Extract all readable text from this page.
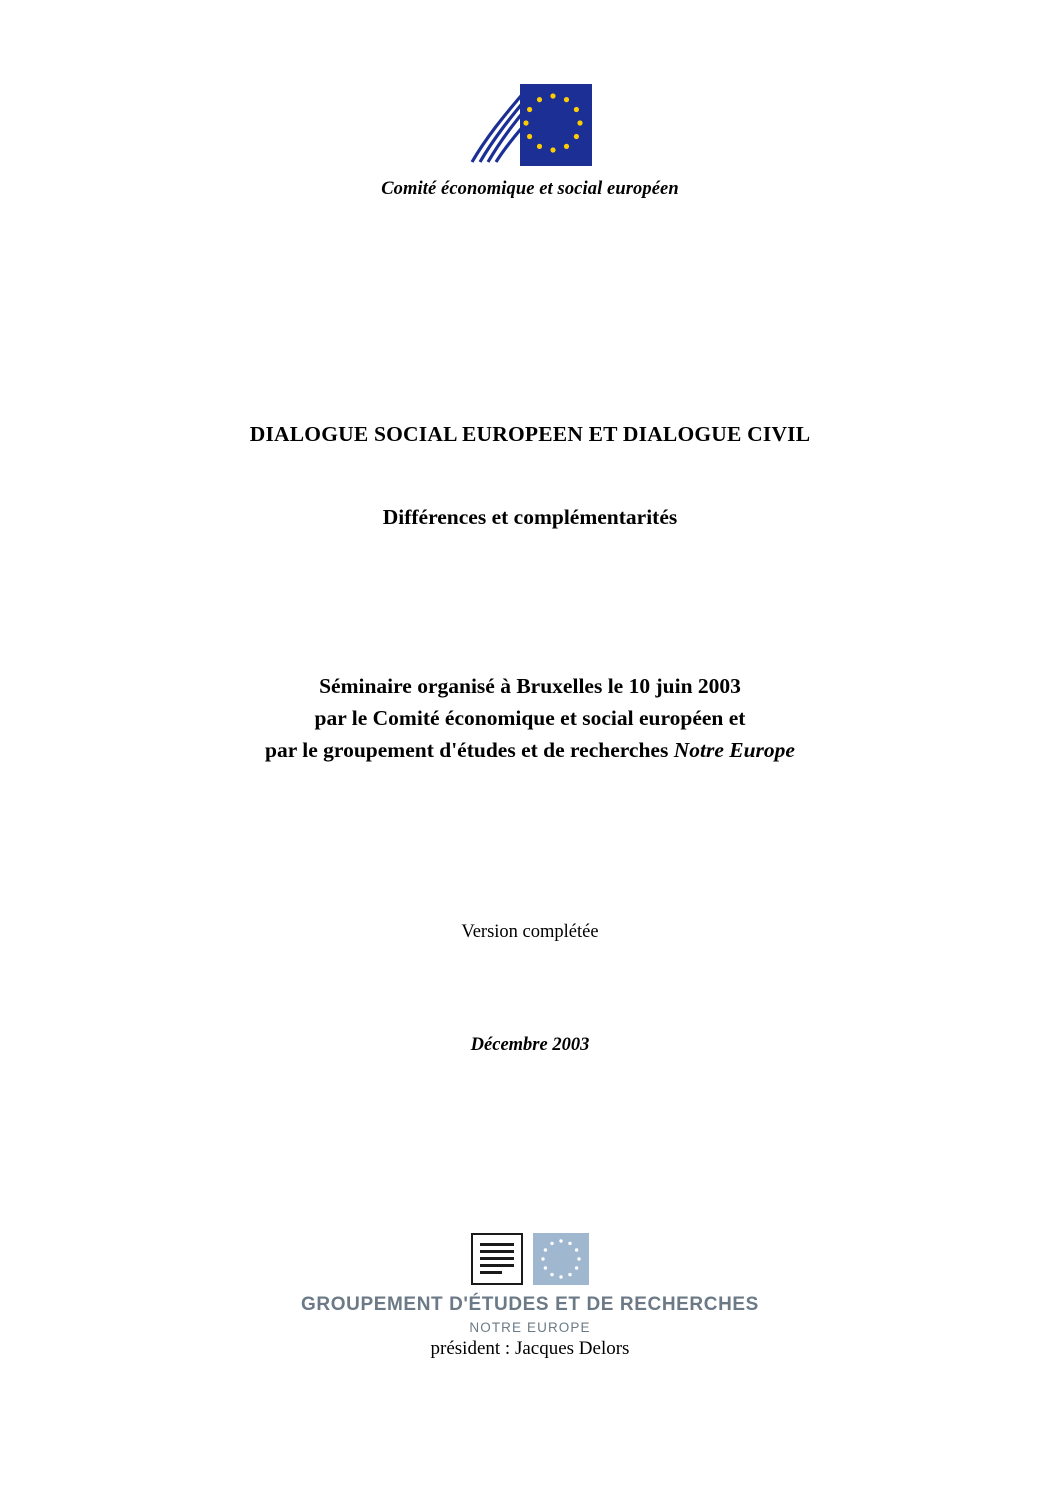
Comité économique et social européen
DIALOGUE SOCIAL EUROPEEN ET DIALOGUE CIVIL
Différences et complémentarités
Séminaire organisé à Bruxelles le 10 juin 2003
par le Comité économique et social européen et
par le groupement d'études et de recherches Notre Europe
Version complétée
Décembre 2003

GROUPEMENT D'ÉTUDES ET DE RECHERCHES
NOTRE EUROPE
président : Jacques Delors
